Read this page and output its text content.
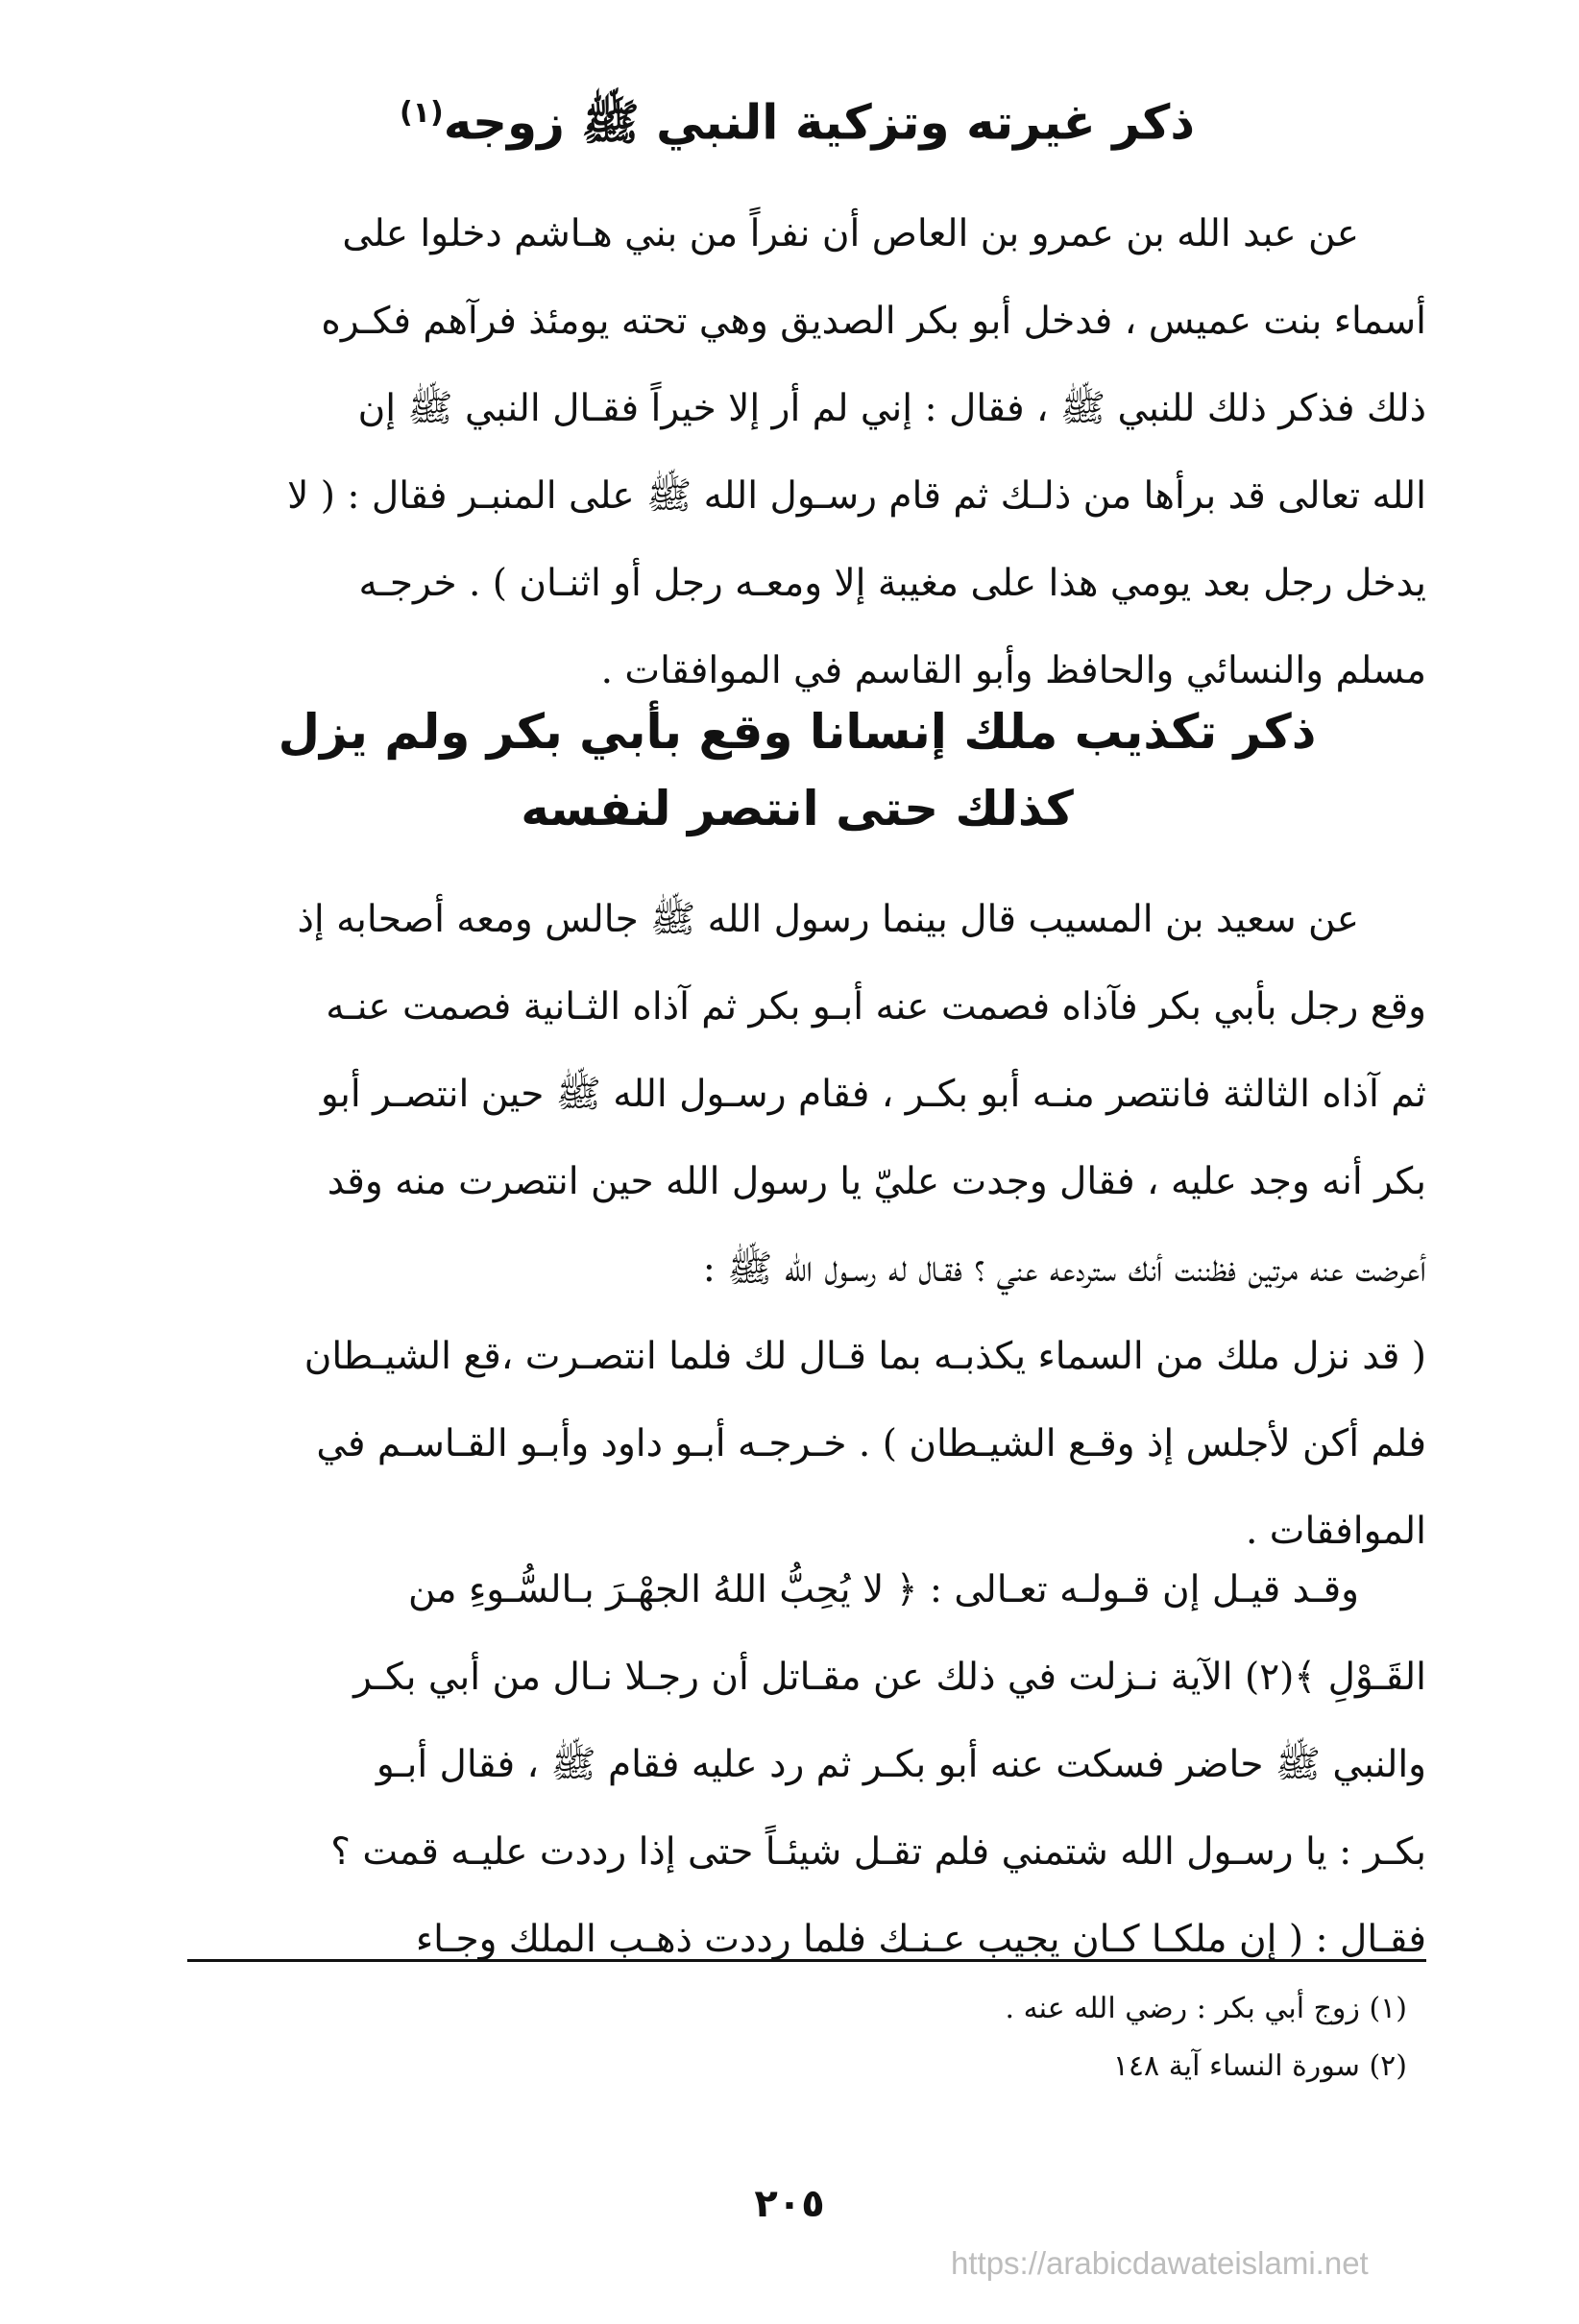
ذكر غيرته وتزكية النبي ﷺ زوجه$^{(١)}$
عن عبد الله بن عمرو بن العاص أن نفراً من بني هـاشم دخلوا على
أسماء بنت عميس ، فدخل أبو بكر الصديق وهي تحته يومئذ فرآهم فكـره
ذلك فذكر ذلك للنبي ﷺ ، فقال : إني لم أر إلا خيراً فقـال النبي ﷺ إن
الله تعالى قد برأها من ذلـك ثم قام رسـول الله ﷺ على المنبـر فقال : ( لا
يدخل رجل بعد يومي هذا على مغيبة إلا ومعـه رجل أو اثنـان ) . خرجـه
مسلم والنسائي والحافظ وأبو القاسم في الموافقات .
ذكر تكذيب ملك إنسانا وقع بأبي بكر ولم يزل
كذلك حتى انتصر لنفسه
عن سعيد بن المسيب قال بينما رسول الله ﷺ جالس ومعه أصحابه إذ
وقع رجل بأبي بكر فآذاه فصمت عنه أبـو بكر ثم آذاه الثـانية فصمت عنـه
ثم آذاه الثالثة فانتصر منـه أبو بكـر ، فقام رسـول الله ﷺ حين انتصـر أبو
بكر أنه وجد عليه ، فقال وجدت عليّ يا رسول الله حين انتصرت منه وقد
أعرضت عنه مرتين فظننت أنك ستردعه عني ؟ فقـال له رسـول الله ﷺ :
( قد نزل ملك من السماء يكذبـه بما قـال لك فلما انتصـرت ،قع الشيـطان
فلم أكن لأجلس إذ وقـع الشيـطان ) . خـرجـه أبـو داود وأبـو القـاسـم في
الموافقات .
وقـد قيـل إن قـولـه تعـالى : ﴿ لا يُحِبُّ اللهُ الجهْـرَ بـالسُّـوءِ من
القَـوْلِ ﴾(٢) الآية نـزلت في ذلك عن مقـاتل أن رجـلا نـال من أبي بكـر
والنبي ﷺ حاضر فسكت عنه أبو بكـر ثم رد عليه فقام ﷺ ، فقال أبـو
بكـر : يا رسـول الله شتمني فلم تقـل شيئـاً حتى إذا رددت عليـه قمت ؟
فقـال : ( إن ملكـا كـان يجيب عـنـك فلما رددت ذهـب الملك وجـاء
(١) زوج أبي بكر : رضي الله عنه .
(٢) سورة النساء آية ١٤٨
٢٠٥
https://arabicdawateislami.net
